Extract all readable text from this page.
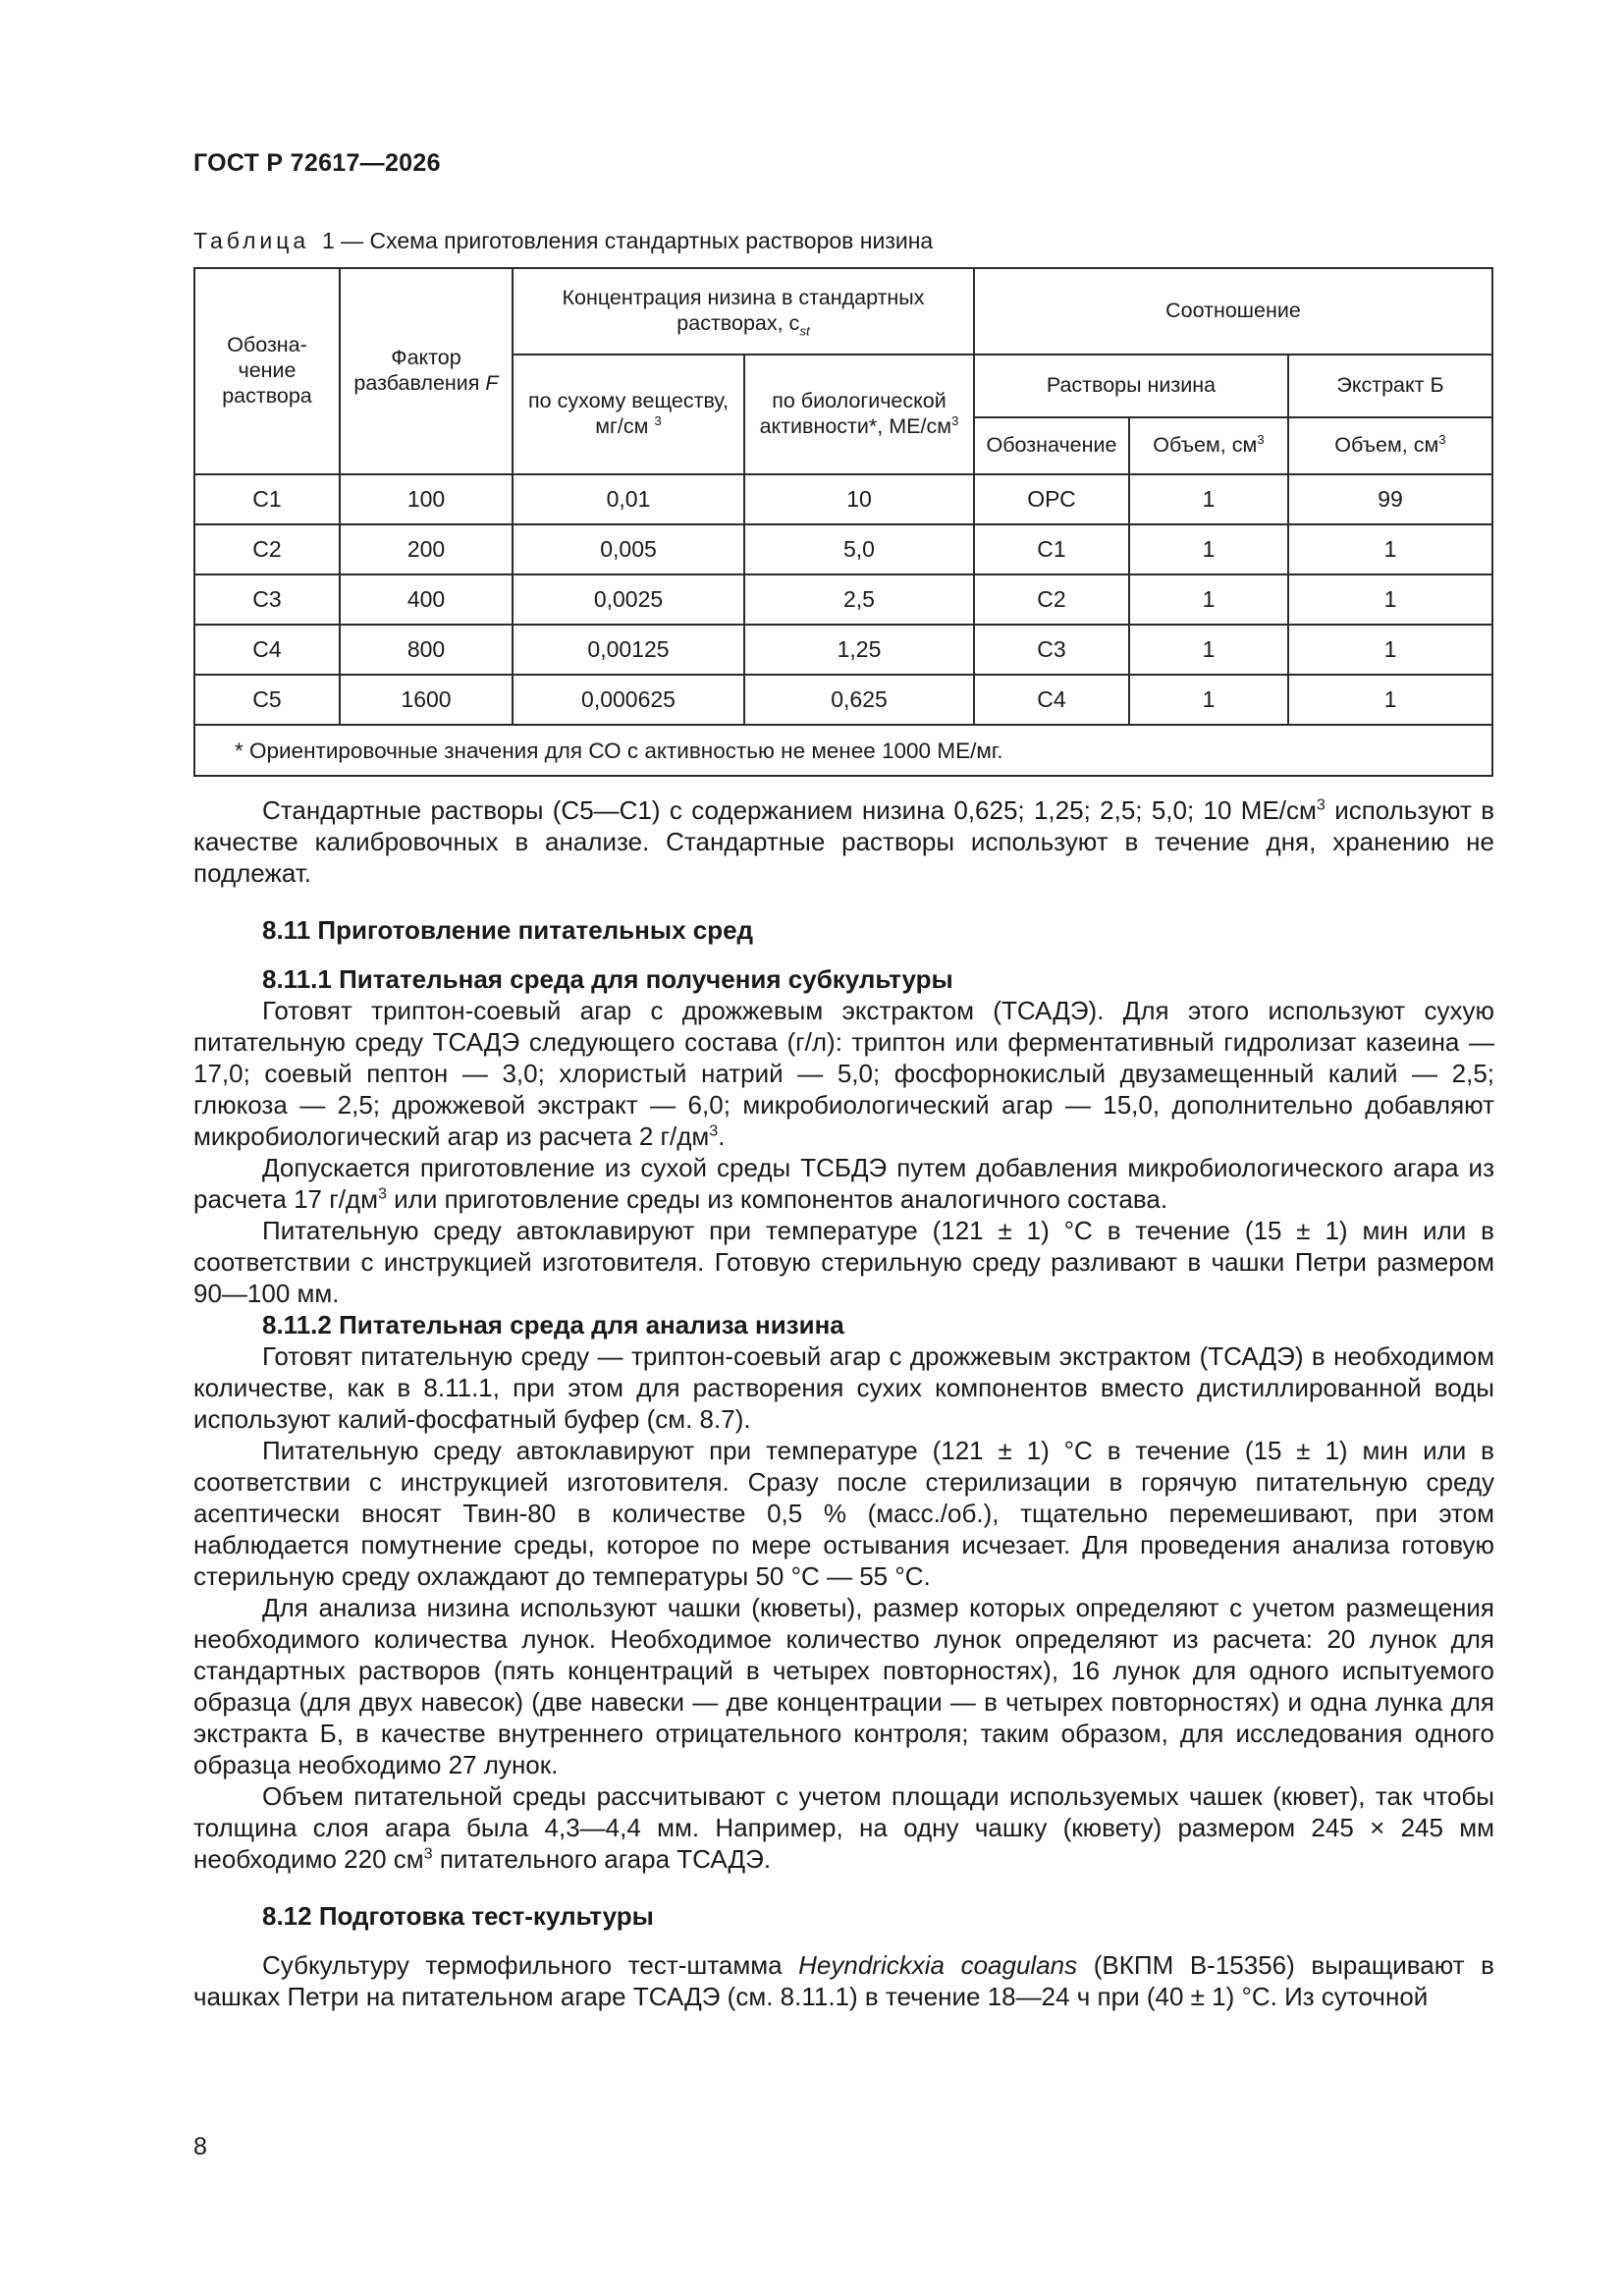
ГОСТ Р 72617—2026
Таблица 1 — Схема приготовления стандартных растворов низина
Обозна-чение раствора	Фактор разбавления F	Концентрация низина в стандартных растворах, $c_{st}$		Соотношение		
		по сухому веществу, мг/см $^3$	по биологической активности*, $МЕ/см^3$	Растворы низина		Экстракт Б
				Обозначение	Объем, $см^3$	Объем, $см^3$
С1	100	0,01	10	ОРС	1	99
С2	200	0,005	5,0	С1	1	1
С3	400	0,0025	2,5	С2	1	1
С4	800	0,00125	1,25	С3	1	1
С5	1600	0,000625	0,625	С4	1	1
* Ориентировочные значения для СО с активностью не менее 1000 МЕ/мг.						

Стандартные растворы (С5—С1) с содержанием низина 0,625; 1,25; 2,5; 5,0; 10 $МЕ/см^3$ используют в качестве калибровочных в анализе. Стандартные растворы используют в течение дня, хранению не подлежат.

8.11 Приготовление питательных сред
8.11.1 Питательная среда для получения субкультуры

Готовят триптон-соевый агар с дрожжевым экстрактом (ТСАДЭ). Для этого используют сухую питательную среду ТСАДЭ следующего состава (г/л): триптон или ферментативный гидролизат казеина — 17,0; соевый пептон — 3,0; хлористый натрий — 5,0; фосфорнокислый двузамещенный калий — 2,5; глюкоза — 2,5; дрожжевой экстракт — 6,0; микробиологический агар — 15,0, дополнительно добавляют микробиологический агар из расчета 2 $г/дм^3$.

Допускается приготовление из сухой среды ТСБДЭ путем добавления микробиологического агара из расчета 17 $г/дм^3$ или приготовление среды из компонентов аналогичного состава.

Питательную среду автоклавируют при температуре (121 ± 1) °С в течение (15 ± 1) мин или в соответствии с инструкцией изготовителя. Готовую стерильную среду разливают в чашки Петри размером 90—100 мм.

8.11.2 Питательная среда для анализа низина

Готовят питательную среду — триптон-соевый агар с дрожжевым экстрактом (ТСАДЭ) в необходимом количестве, как в 8.11.1, при этом для растворения сухих компонентов вместо дистиллированной воды используют калий-фосфатный буфер (см. 8.7).

Питательную среду автоклавируют при температуре (121 ± 1) °С в течение (15 ± 1) мин или в соответствии с инструкцией изготовителя. Сразу после стерилизации в горячую питательную среду асептически вносят Твин-80 в количестве 0,5 % (масс./об.), тщательно перемешивают, при этом наблюдается помутнение среды, которое по мере остывания исчезает. Для проведения анализа готовую стерильную среду охлаждают до температуры 50 °С — 55 °С.

Для анализа низина используют чашки (кюветы), размер которых определяют с учетом размещения необходимого количества лунок. Необходимое количество лунок определяют из расчета: 20 лунок для стандартных растворов (пять концентраций в четырех повторностях), 16 лунок для одного испытуемого образца (для двух навесок) (две навески — две концентрации — в четырех повторностях) и одна лунка для экстракта Б, в качестве внутреннего отрицательного контроля; таким образом, для исследования одного образца необходимо 27 лунок.

Объем питательной среды рассчитывают с учетом площади используемых чашек (кювет), так чтобы толщина слоя агара была 4,3—4,4 мм. Например, на одну чашку (кювету) размером 245 × 245 мм необходимо 220 $см^3$ питательного агара ТСАДЭ.

8.12 Подготовка тест-культуры

Субкультуру термофильного тест-штамма Heyndrickxia coagulans (ВКПМ В-15356) выращивают в чашках Петри на питательном агаре ТСАДЭ (см. 8.11.1) в течение 18—24 ч при (40 ± 1) °С. Из суточной

8
